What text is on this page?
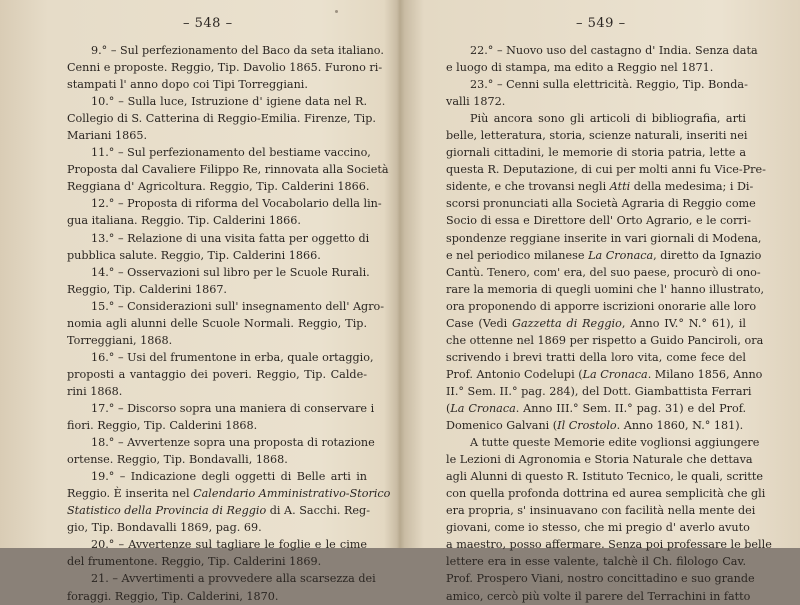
– 548 –
9.° – Sul perfezionamento del Baco da seta italiano.
Cenni e proposte. Reggio, Tip. Davolio 1865. Furono ri-
stampati l' anno dopo coi Tipi Torreggiani.
10.° – Sulla luce, Istruzione d' igiene data nel R.
Collegio di S. Catterina di Reggio-Emilia. Firenze, Tip.
Mariani 1865.
11.° – Sul perfezionamento del bestiame vaccino,
Proposta dal Cavaliere Filippo Re, rinnovata alla Società
Reggiana d' Agricoltura. Reggio, Tip. Calderini 1866.
12.° – Proposta di riforma del Vocabolario della lin-
gua italiana. Reggio. Tip. Calderini 1866.
13.° – Relazione di una visita fatta per oggetto di
pubblica salute. Reggio, Tip. Calderini 1866.
14.° – Osservazioni sul libro per le Scuole Rurali.
Reggio, Tip. Calderini 1867.
15.° – Considerazioni sull' insegnamento dell' Agro-
nomia agli alunni delle Scuole Normali. Reggio, Tip.
Torreggiani, 1868.
16.° – Usi del frumentone in erba, quale ortaggio,
proposti a vantaggio dei poveri. Reggio, Tip. Calde-
rini 1868.
17.° – Discorso sopra una maniera di conservare i
fiori. Reggio, Tip. Calderini 1868.
18.° – Avvertenze sopra una proposta di rotazione
ortense. Reggio, Tip. Bondavalli, 1868.
19.° – Indicazione degli oggetti di Belle arti in
Reggio. È inserita nel Calendario Amministrativo-Storico
Statistico della Provincia di Reggio di A. Sacchi. Reg-
gio, Tip. Bondavalli 1869, pag. 69.
20.° – Avvertenze sul tagliare le foglie e le cime
del frumentone. Reggio, Tip. Calderini 1869.
21. – Avvertimenti a provvedere alla scarsezza dei
foraggi. Reggio, Tip. Calderini, 1870.
– 549 –
22.° – Nuovo uso del castagno d' India. Senza data
e luogo di stampa, ma edito a Reggio nel 1871.
23.° – Cenni sulla elettricità. Reggio, Tip. Bonda-
valli 1872.
Più ancora sono gli articoli di bibliografia, arti
belle, letteratura, storia, scienze naturali, inseriti nei
giornali cittadini, le memorie di storia patria, lette a
questa R. Deputazione, di cui per molti anni fu Vice-Pre-
sidente, e che trovansi negli Atti della medesima; i Di-
scorsi pronunciati alla Società Agraria di Reggio come
Socio di essa e Direttore dell' Orto Agrario, e le corri-
spondenze reggiane inserite in vari giornali di Modena,
e nel periodico milanese La Cronaca, diretto da Ignazio
Cantù. Tenero, com' era, del suo paese, procurò di ono-
rare la memoria di quegli uomini che l' hanno illustrato,
ora proponendo di apporre iscrizioni onorarie alle loro
Case (Vedi Gazzetta di Reggio, Anno IV.° N.° 61), il
che ottenne nel 1869 per rispetto a Guido Panciroli, ora
scrivendo i brevi tratti della loro vita, come fece del
Prof. Antonio Codelupi (La Cronaca. Milano 1856, Anno
II.° Sem. II.° pag. 284), del Dott. Giambattista Ferrari
(La Cronaca. Anno III.° Sem. II.° pag. 31) e del Prof.
Domenico Galvani (Il Crostolo. Anno 1860, N.° 181).
A tutte queste Memorie edite voglionsi aggiungere
le Lezioni di Agronomia e Storia Naturale che dettava
agli Alunni di questo R. Istituto Tecnico, le quali, scritte
con quella profonda dottrina ed aurea semplicità che gli
era propria, s' insinuavano con facilità nella mente dei
giovani, come io stesso, che mi pregio d' averlo avuto
a maestro, posso affermare. Senza poi professare le belle
lettere era in esse valente, talchè il Ch. filologo Cav.
Prof. Prospero Viani, nostro concittadino e suo grande
amico, cercò più volte il parere del Terrachini in fatto
